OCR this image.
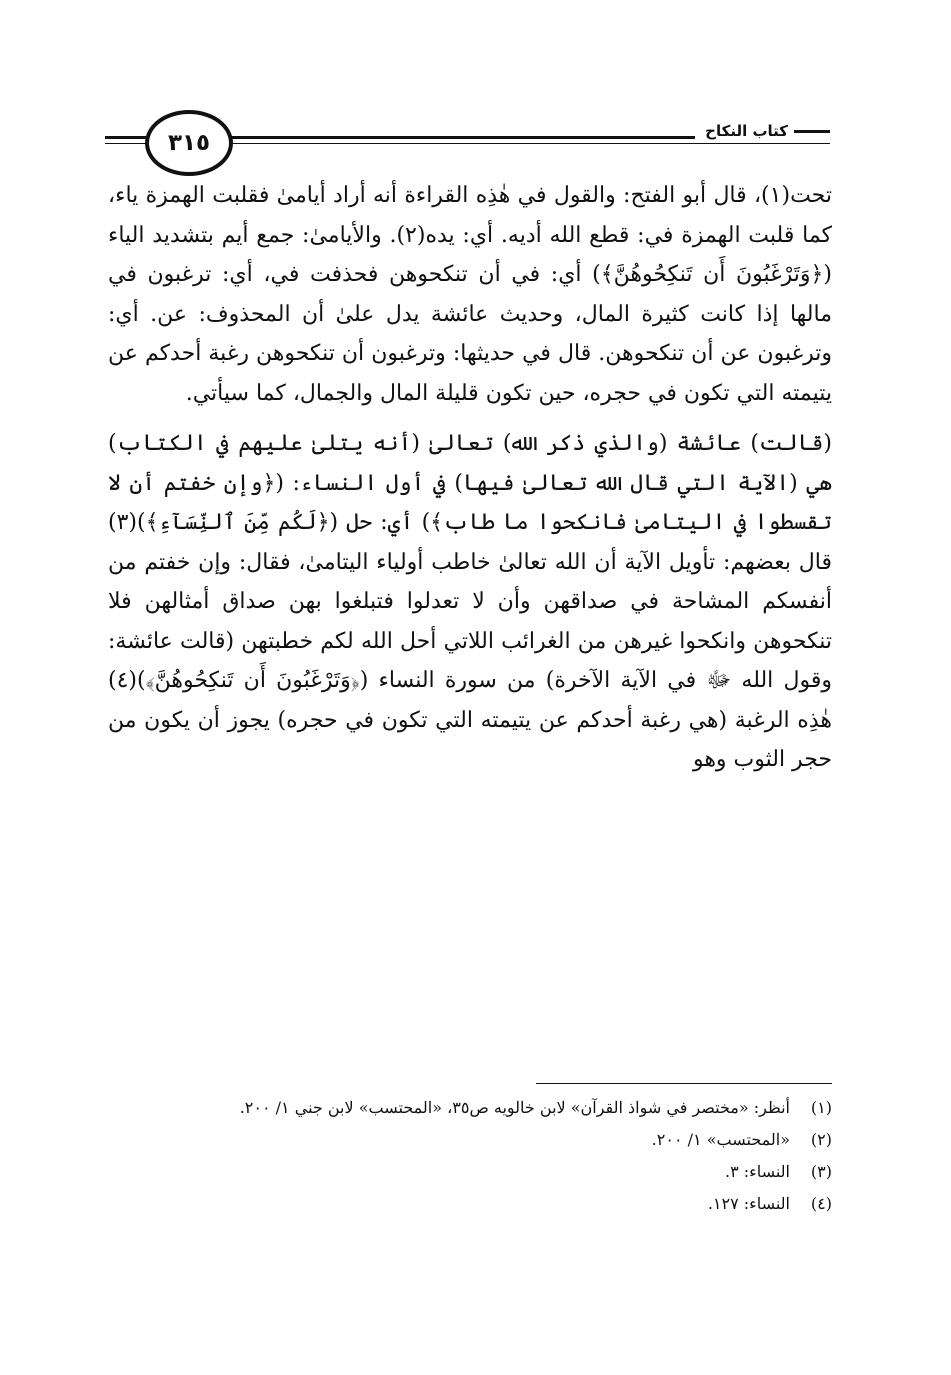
كتاب النكاح
٣١٥
تحت(١)، قال أبو الفتح: والقول في هٰذِه القراءة أنه أراد أيامىٰ فقلبت الهمزة ياء، كما قلبت الهمزة في: قطع الله أديه. أي: يده(٢). والأيامىٰ: جمع أيم بتشديد الياء (﴿وَتَرْغَبُونَ أَن تَنكِحُوهُنَّ﴾) أي: في أن تنكحوهن فحذفت في، أي: ترغبون في مالها إذا كانت كثيرة المال، وحديث عائشة يدل علىٰ أن المحذوف: عن. أي: وترغبون عن أن تنكحوهن. قال في حديثها: وترغبون أن تنكحوهن رغبة أحدكم عن يتيمته التي تكون في حجره، حين تكون قليلة المال والجمال، كما سيأتي.
(قالت) عائشة (والذي ذكر الله) تعالىٰ (أنه يتلىٰ عليهم في الكتاب) هي (الآية التي قال الله تعالىٰ فيها) في أول النساء: (﴿وإن خفتم أن لا تقسطوا في اليتامىٰ فانكحوا ما طاب﴾) أي: حل (﴿لَكُم مِّنَ ٱلنِّسَآءِ﴾)(٣) قال بعضهم: تأويل الآية أن الله تعالىٰ خاطب أولياء اليتامىٰ، فقال: وإن خفتم من أنفسكم المشاحة في صداقهن وأن لا تعدلوا فتبلغوا بهن صداق أمثالهن فلا تنكحوهن وانكحوا غيرهن من الغرائب اللاتي أحل الله لكم خطبتهن (قالت عائشة: وقول الله ﷻ في الآية الآخرة) من سورة النساء (﴿وَتَرْغَبُونَ أَن تَنكِحُوهُنَّ﴾)(٤) هٰذِه الرغبة (هي رغبة أحدكم عن يتيمته التي تكون في حجره) يجوز أن يكون من حجر الثوب وهو
(١)
أنظر: «مختصر في شواذ القرآن» لابن خالويه ص٣٥، «المحتسب» لابن جني ١/ ٢٠٠.
(٢)
«المحتسب» ١/ ٢٠٠.
(٣)
النساء: ٣.
(٤)
النساء: ١٢٧.
